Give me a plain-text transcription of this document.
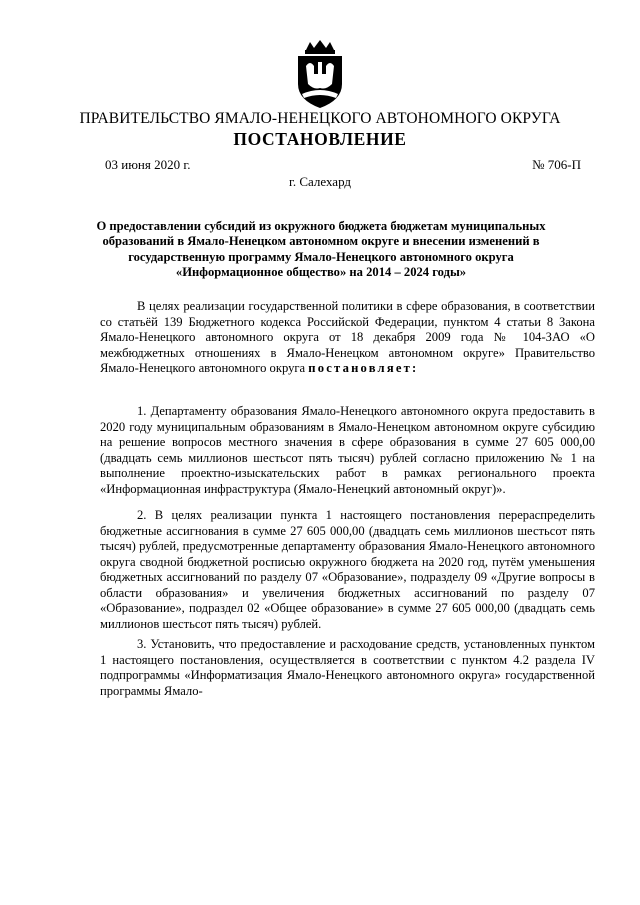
ПРАВИТЕЛЬСТВО ЯМАЛО-НЕНЕЦКОГО АВТОНОМНОГО ОКРУГА
ПОСТАНОВЛЕНИЕ
03 июня 2020 г.	№ 706-П
г. Салехард
О предоставлении субсидий из окружного бюджета бюджетам муниципальных образований в Ямало-Ненецком автономном округе и внесении изменений в государственную программу Ямало-Ненецкого автономного округа «Информационное общество» на 2014 – 2024 годы»

В целях реализации государственной политики в сфере образования, в соответствии со статьёй 139 Бюджетного кодекса Российской Федерации, пунктом 4 статьи 8 Закона Ямало-Ненецкого автономного округа от 18 декабря 2009 года № 104-ЗАО «О межбюджетных отношениях в Ямало-Ненецком автономном округе» Правительство Ямало-Ненецкого автономного округа постановляет:

1. Департаменту образования Ямало-Ненецкого автономного округа предоставить в 2020 году муниципальным образованиям в Ямало-Ненецком автономном округе субсидию на решение вопросов местного значения в сфере образования в сумме 27 605 000,00 (двадцать семь миллионов шестьсот пять тысяч) рублей согласно приложению № 1 на выполнение проектно-изыскательских работ в рамках регионального проекта «Информационная инфраструктура (Ямало-Ненецкий автономный округ)».

2. В целях реализации пункта 1 настоящего постановления перераспределить бюджетные ассигнования в сумме 27 605 000,00 (двадцать семь миллионов шестьсот пять тысяч) рублей, предусмотренные департаменту образования Ямало-Ненецкого автономного округа сводной бюджетной росписью окружного бюджета на 2020 год, путём уменьшения бюджетных ассигнований по разделу 07 «Образование», подразделу 09 «Другие вопросы в области образования» и увеличения бюджетных ассигнований по разделу 07 «Образование», подраздел 02 «Общее образование» в сумме 27 605 000,00 (двадцать семь миллионов шестьсот пять тысяч) рублей.

3. Установить, что предоставление и расходование средств, установленных пунктом 1 настоящего постановления, осуществляется в соответствии с пунктом 4.2 раздела IV подпрограммы «Информатизация Ямало-Ненецкого автономного округа» государственной программы Ямало-
